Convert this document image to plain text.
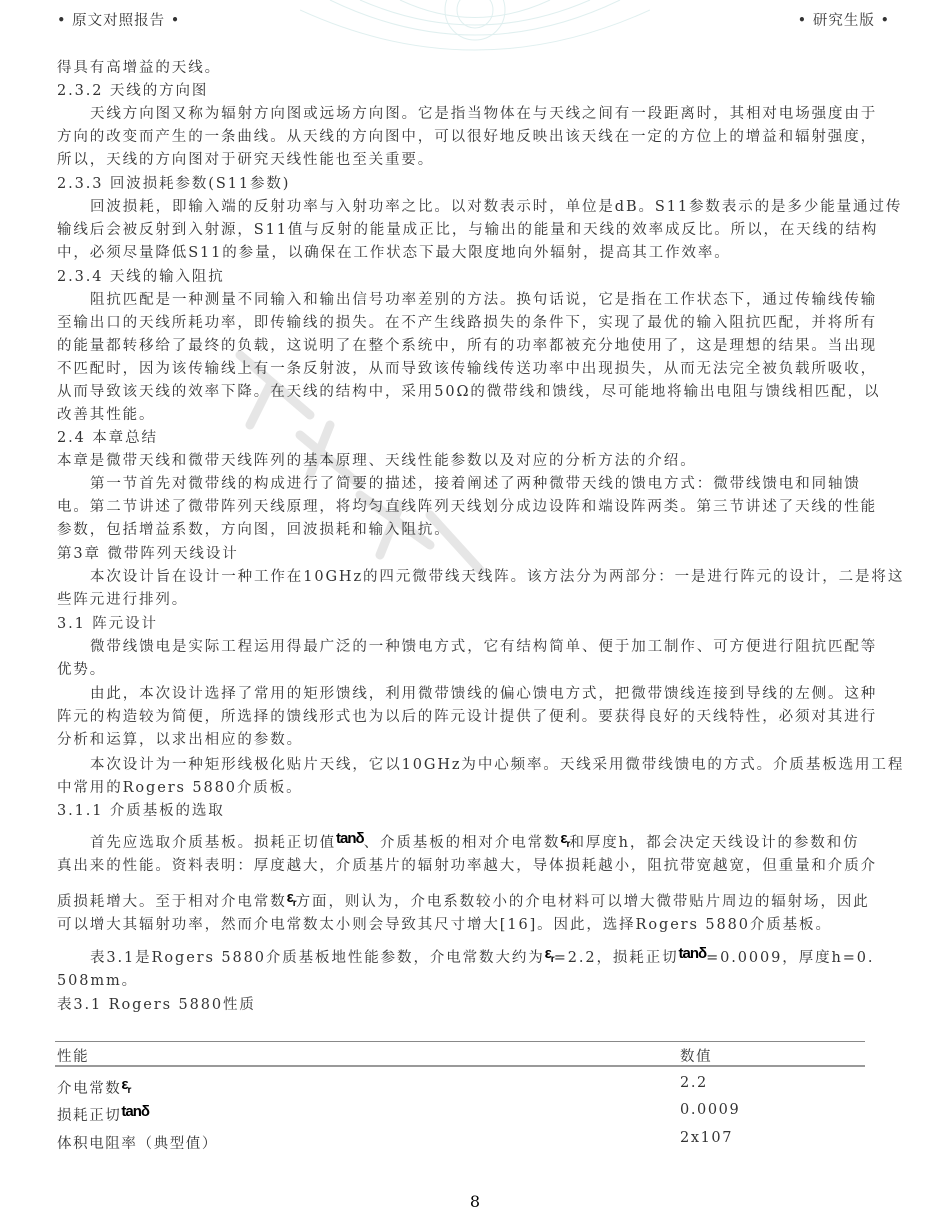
• 原文对照报告 •	• 研究生版 •
得具有高增益的天线。
2.3.2 天线的方向图
天线方向图又称为辐射方向图或远场方向图。它是指当物体在与天线之间有一段距离时，其相对电场强度由于
方向的改变而产生的一条曲线。从天线的方向图中，可以很好地反映出该天线在一定的方位上的增益和辐射强度，
所以，天线的方向图对于研究天线性能也至关重要。
2.3.3 回波损耗参数(S11参数)
回波损耗，即输入端的反射功率与入射功率之比。以对数表示时，单位是dB。S11参数表示的是多少能量通过传
输线后会被反射到入射源，S11值与反射的能量成正比，与输出的能量和天线的效率成反比。所以，在天线的结构
中，必须尽量降低S11的参量，以确保在工作状态下最大限度地向外辐射，提高其工作效率。
2.3.4 天线的输入阻抗
阻抗匹配是一种测量不同输入和输出信号功率差别的方法。换句话说，它是指在工作状态下，通过传输线传输
至输出口的天线所耗功率，即传输线的损失。在不产生线路损失的条件下，实现了最优的输入阻抗匹配，并将所有
的能量都转移给了最终的负载，这说明了在整个系统中，所有的功率都被充分地使用了，这是理想的结果。当出现
不匹配时，因为该传输线上有一条反射波，从而导致该传输线传送功率中出现损失，从而无法完全被负载所吸收，
从而导致该天线的效率下降。在天线的结构中，采用50Ω的微带线和馈线，尽可能地将输出电阻与馈线相匹配，以
改善其性能。
2.4 本章总结
本章是微带天线和微带天线阵列的基本原理、天线性能参数以及对应的分析方法的介绍。
第一节首先对微带线的构成进行了简要的描述，接着阐述了两种微带天线的馈电方式：微带线馈电和同轴馈
电。第二节讲述了微带阵列天线原理，将均匀直线阵列天线划分成边设阵和端设阵两类。第三节讲述了天线的性能
参数，包括增益系数，方向图，回波损耗和输入阻抗。
第3章 微带阵列天线设计
本次设计旨在设计一种工作在10GHz的四元微带线天线阵。该方法分为两部分：一是进行阵元的设计，二是将这
些阵元进行排列。
3.1 阵元设计
微带线馈电是实际工程运用得最广泛的一种馈电方式，它有结构简单、便于加工制作、可方便进行阻抗匹配等
优势。
由此，本次设计选择了常用的矩形馈线，利用微带馈线的偏心馈电方式，把微带馈线连接到导线的左侧。这种
阵元的构造较为简便，所选择的馈线形式也为以后的阵元设计提供了便利。要获得良好的天线特性，必须对其进行
分析和运算，以求出相应的参数。
本次设计为一种矩形线极化贴片天线，它以10GHz为中心频率。天线采用微带线馈电的方式。介质基板选用工程
中常用的Rogers 5880介质板。
3.1.1 介质基板的选取
首先应选取介质基板。损耗正切值tanδ、介质基板的相对介电常数$\varepsilon_r$和厚度h，都会决定天线设计的参数和仿
真出来的性能。资料表明：厚度越大，介质基片的辐射功率越大，导体损耗越小，阻抗带宽越宽，但重量和介质介
质损耗增大。至于相对介电常数$\varepsilon_r$方面，则认为，介电系数较小的介电材料可以增大微带贴片周边的辐射场，因此
可以增大其辐射功率，然而介电常数太小则会导致其尺寸增大[16]。因此，选择Rogers 5880介质基板。
表3.1是Rogers 5880介质基板地性能参数，介电常数大约为$\varepsilon_r=2.2$，损耗正切tanδ=0.0009，厚度h=0.
508mm。
表3.1 Rogers 5880性质
性能	数值
介电常数$\varepsilon_r$	2.2
损耗正切tanδ	0.0009
体积电阻率（典型值）	2x107
8
